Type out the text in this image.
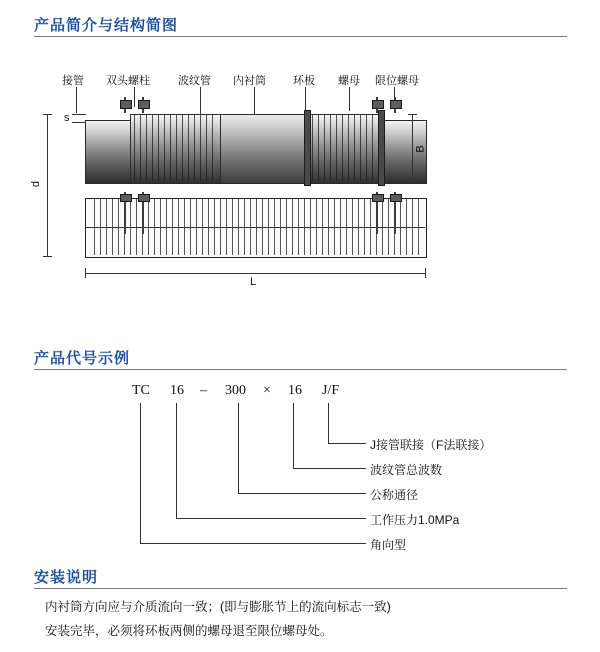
产品简介与结构简图
接管 双头螺柱	波纹管 内衬筒 环板 螺母 限位螺母
s
d
B
L
产品代号示例
TC 16 – 300 × 16 J/F
J接管联接（F法联接）
波纹管总波数
公称通径
工作压力1.0MPa
角向型
安装说明

内衬筒方向应与介质流向一致；(即与膨胀节上的流向标志一致)

安装完毕，必须将环板两侧的螺母退至限位螺母处。
